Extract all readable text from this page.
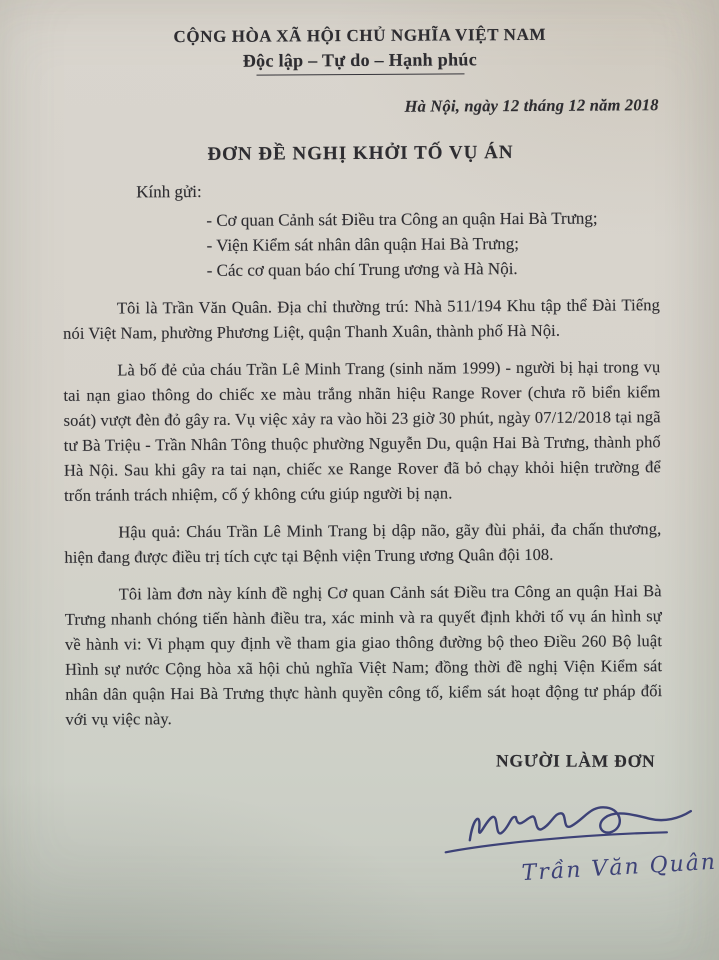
CỘNG HÒA XÃ HỘI CHỦ NGHĨA VIỆT NAM
Độc lập – Tự do – Hạnh phúc
Hà Nội, ngày 12 tháng 12 năm 2018
ĐƠN ĐỀ NGHỊ KHỞI TỐ VỤ ÁN
Kính gửi:
- Cơ quan Cảnh sát Điều tra Công an quận Hai Bà Trưng;
- Viện Kiểm sát nhân dân quận Hai Bà Trưng;
- Các cơ quan báo chí Trung ương và Hà Nội.

Tôi là Trần Văn Quân. Địa chỉ thường trú: Nhà 511/194 Khu tập thể Đài Tiếng nói Việt Nam, phường Phương Liệt, quận Thanh Xuân, thành phố Hà Nội.

Là bố đẻ của cháu Trần Lê Minh Trang (sinh năm 1999) - người bị hại trong vụ tai nạn giao thông do chiếc xe màu trắng nhãn hiệu Range Rover (chưa rõ biển kiểm soát) vượt đèn đỏ gây ra. Vụ việc xảy ra vào hồi 23 giờ 30 phút, ngày 07/12/2018 tại ngã tư Bà Triệu - Trần Nhân Tông thuộc phường Nguyễn Du, quận Hai Bà Trưng, thành phố Hà Nội. Sau khi gây ra tai nạn, chiếc xe Range Rover đã bỏ chạy khỏi hiện trường để trốn tránh trách nhiệm, cố ý không cứu giúp người bị nạn.

Hậu quả: Cháu Trần Lê Minh Trang bị dập não, gãy đùi phải, đa chấn thương, hiện đang được điều trị tích cực tại Bệnh viện Trung ương Quân đội 108.

Tôi làm đơn này kính đề nghị Cơ quan Cảnh sát Điều tra Công an quận Hai Bà Trưng nhanh chóng tiến hành điều tra, xác minh và ra quyết định khởi tố vụ án hình sự về hành vi: Vi phạm quy định về tham gia giao thông đường bộ theo Điều 260 Bộ luật Hình sự nước Cộng hòa xã hội chủ nghĩa Việt Nam; đồng thời đề nghị Viện Kiểm sát nhân dân quận Hai Bà Trưng thực hành quyền công tố, kiểm sát hoạt động tư pháp đối với vụ việc này.

NGƯỜI LÀM ĐƠN
Trần Văn Quân
